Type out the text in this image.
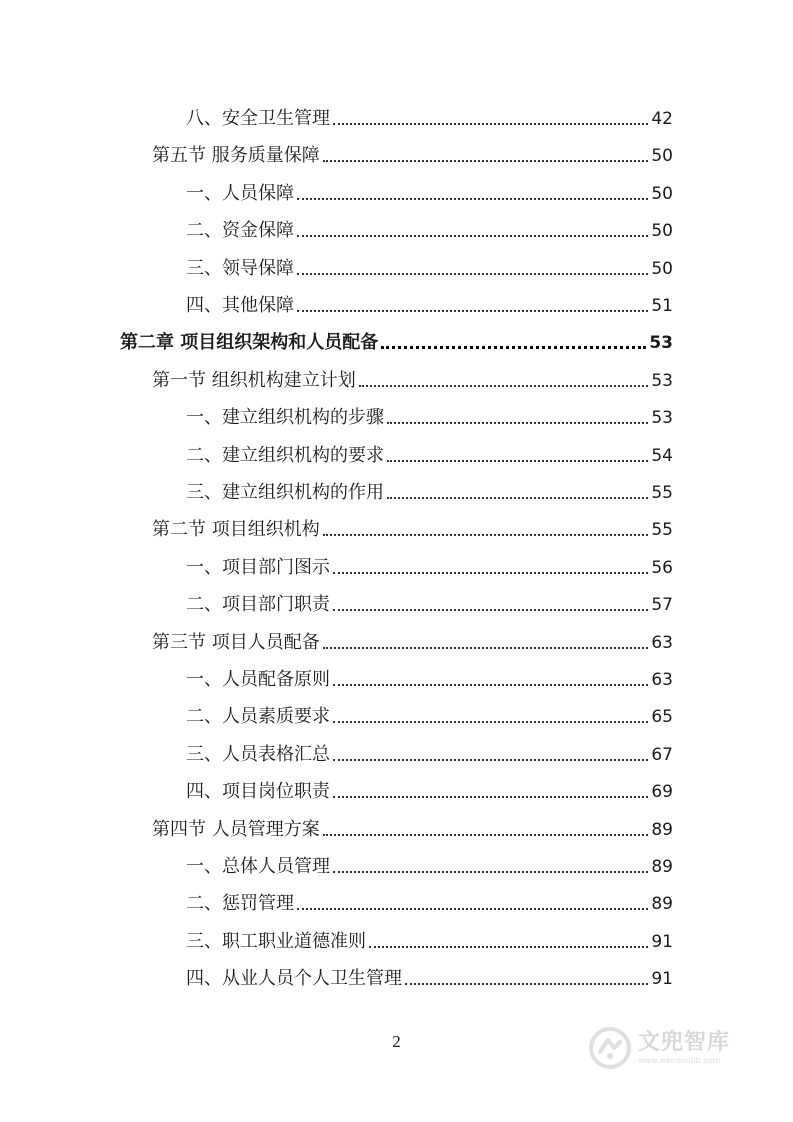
八、安全卫生管理	42
第五节 服务质量保障	50
一、人员保障	50
二、资金保障	50
三、领导保障	50
四、其他保障	51
第二章 项目组织架构和人员配备	53
第一节 组织机构建立计划	53
一、建立组织机构的步骤	53
二、建立组织机构的要求	54
三、建立组织机构的作用	55
第二节 项目组织机构	55
一、项目部门图示	56
二、项目部门职责	57
第三节 项目人员配备	63
一、人员配备原则	63
二、人员素质要求	65
三、人员表格汇总	67
四、项目岗位职责	69
第四节 人员管理方案	89
一、总体人员管理	89
二、惩罚管理	89
三、职工职业道德准则	91
四、从业人员个人卫生管理	91
2	文兜智库
www.wendoulib.com
